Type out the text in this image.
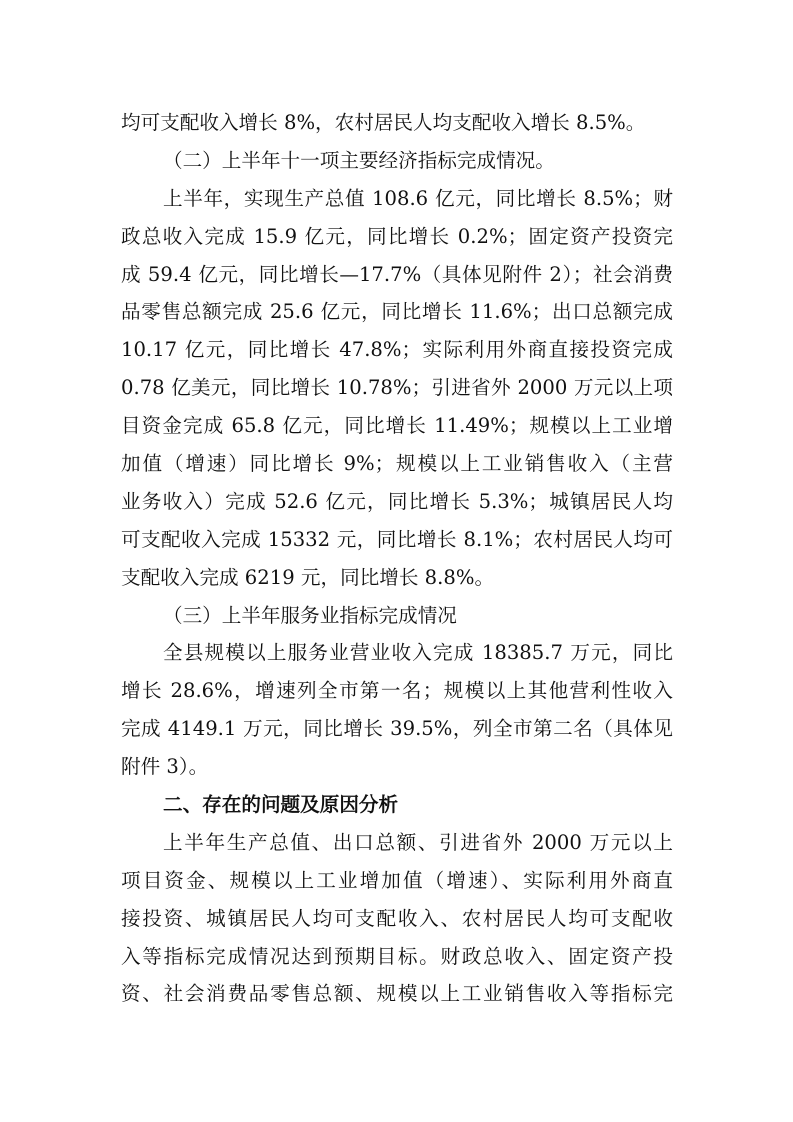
均可支配收入增长 8%，农村居民人均支配收入增长 8.5%。
（二）上半年十一项主要经济指标完成情况。
上半年，实现生产总值 108.6 亿元，同比增长 8.5%；财
政总收入完成 15.9 亿元，同比增长 0.2%；固定资产投资完
成 59.4 亿元，同比增长—17.7%（具体见附件 2）；社会消费
品零售总额完成 25.6 亿元，同比增长 11.6%；出口总额完成
10.17 亿元，同比增长 47.8%；实际利用外商直接投资完成
0.78 亿美元，同比增长 10.78%；引进省外 2000 万元以上项
目资金完成 65.8 亿元，同比增长 11.49%；规模以上工业增
加值（增速）同比增长 9%；规模以上工业销售收入（主营
业务收入）完成 52.6 亿元，同比增长 5.3%；城镇居民人均
可支配收入完成 15332 元，同比增长 8.1%；农村居民人均可
支配收入完成 6219 元，同比增长 8.8%。
（三）上半年服务业指标完成情况
全县规模以上服务业营业收入完成 18385.7 万元，同比
增长 28.6%，增速列全市第一名；规模以上其他营利性收入
完成 4149.1 万元，同比增长 39.5%，列全市第二名（具体见
附件 3）。
二、存在的问题及原因分析
上半年生产总值、出口总额、引进省外 2000 万元以上
项目资金、规模以上工业增加值（增速）、实际利用外商直
接投资、城镇居民人均可支配收入、农村居民人均可支配收
入等指标完成情况达到预期目标。财政总收入、固定资产投
资、社会消费品零售总额、规模以上工业销售收入等指标完
